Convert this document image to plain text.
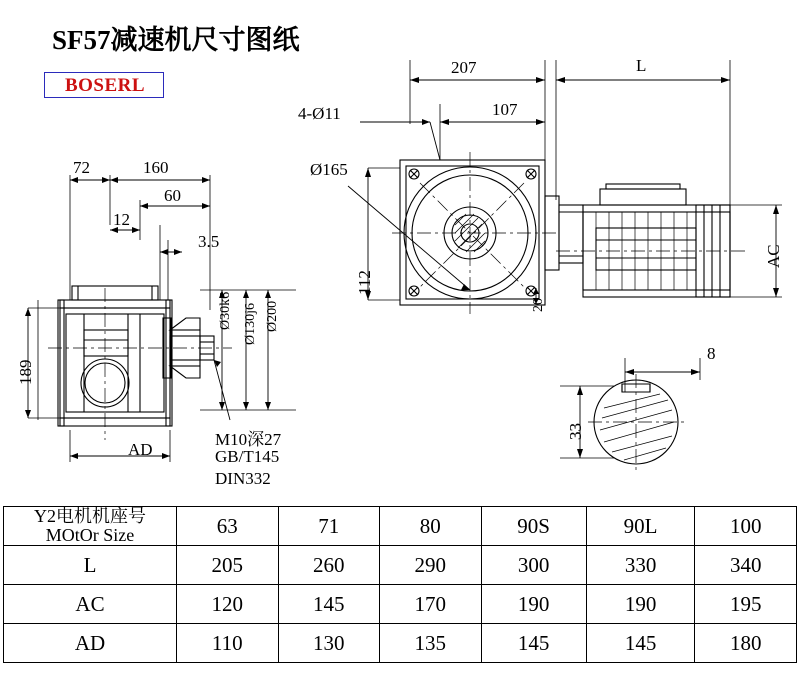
SF57减速机尺寸图纸
BOSERL
207	L
4-Ø11	107
Ø165
112
20
AC
72	160
60
12
3.5
189
Ø30k6 Ø130j6 Ø200
AD
M10深27
GB/T145
DIN332
8
33
Y2电机机座号
MOtOr Size	63	71	80	90S	90L	100
L	205	260	290	300	330	340
AC	120	145	170	190	190	195
AD	110	130	135	145	145	180
